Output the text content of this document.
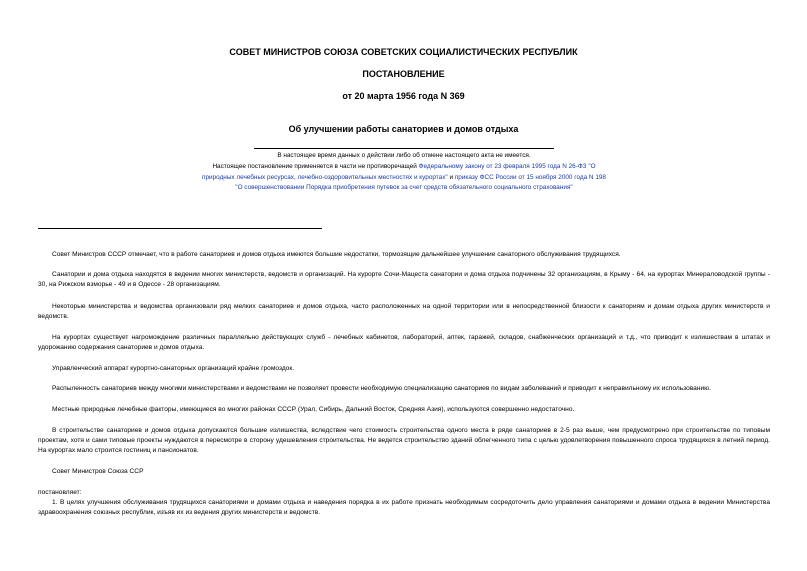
СОВЕТ МИНИСТРОВ СОЮЗА СОВЕТСКИХ СОЦИАЛИСТИЧЕСКИХ РЕСПУБЛИК
ПОСТАНОВЛЕНИЕ
от 20 марта 1956 года N 369
Об улучшении работы санаториев и домов отдыха
В настоящее время данных о действии либо об отмене настоящего акта не имеется.
Настоящее постановление применяется в части не противоречащей Федеральному закону от 23 февраля 1995 года N 26-ФЗ "О природных лечебных ресурсах, лечебно-оздоровительных местностях и курортах" и приказу ФСС России от 15 ноября 2000 года N 198 "О совершенствовании Порядка приобретения путевок за счет средств обязательного социального страхования"
Совет Министров СССР отмечает, что в работе санаториев и домов отдыха имеются большие недостатки, тормозящие дальнейшее улучшение санаторного обслуживания трудящихся.
Санатории и дома отдыха находятся в ведении многих министерств, ведомств и организаций. На курорте Сочи-Мацеста санатории и дома отдыха подчинены 32 организациям, в Крыму - 64, на курортах Минераловодской группы - 30, на Рижском взморье - 49 и в Одессе - 28 организациям.
Некоторые министерства и ведомства организовали ряд мелких санаториев и домов отдыха, часто расположенных на одной территории или в непосредственной близости к санаториям и домам отдыха других министерств и ведомств.
На курортах существует нагромождение различных параллельно действующих служб - лечебных кабинетов, лабораторий, аптек, гаражей, складов, снабженческих организаций и т.д., что приводит к излишествам в штатах и удорожанию содержания санаториев и домов отдыха.
Управленческий аппарат курортно-санаторных организаций крайне громоздок.
Распыленность санаториев между многими министерствами и ведомствами не позволяет провести необходимую специализацию санаториев по видам заболеваний и приводит к неправильному их использованию.
Местные природные лечебные факторы, имеющиеся во многих районах СССР (Урал, Сибирь, Дальний Восток, Средняя Азия), используются совершенно недостаточно.
В строительстве санаториев и домов отдыха допускаются большие излишества, вследствие чего стоимость строительства одного места в ряде санаториев в 2-5 раз выше, чем предусмотрено при строительстве по типовым проектам, хотя и сами типовые проекты нуждаются в пересмотре в сторону удешевления строительства. Не ведется строительство зданий облегченного типа с целью удовлетворения повышенного спроса трудящихся в летний период. На курортах мало строится гостиниц и пансионатов.
Совет Министров Союза ССР
постановляет:
1. В целях улучшения обслуживания трудящихся санаториями и домами отдыха и наведения порядка в их работе признать необходимым сосредоточить дело управления санаториями и домами отдыха в ведении Министерства здравоохранения союзных республик, изъяв их из ведения других министерств и ведомств.
